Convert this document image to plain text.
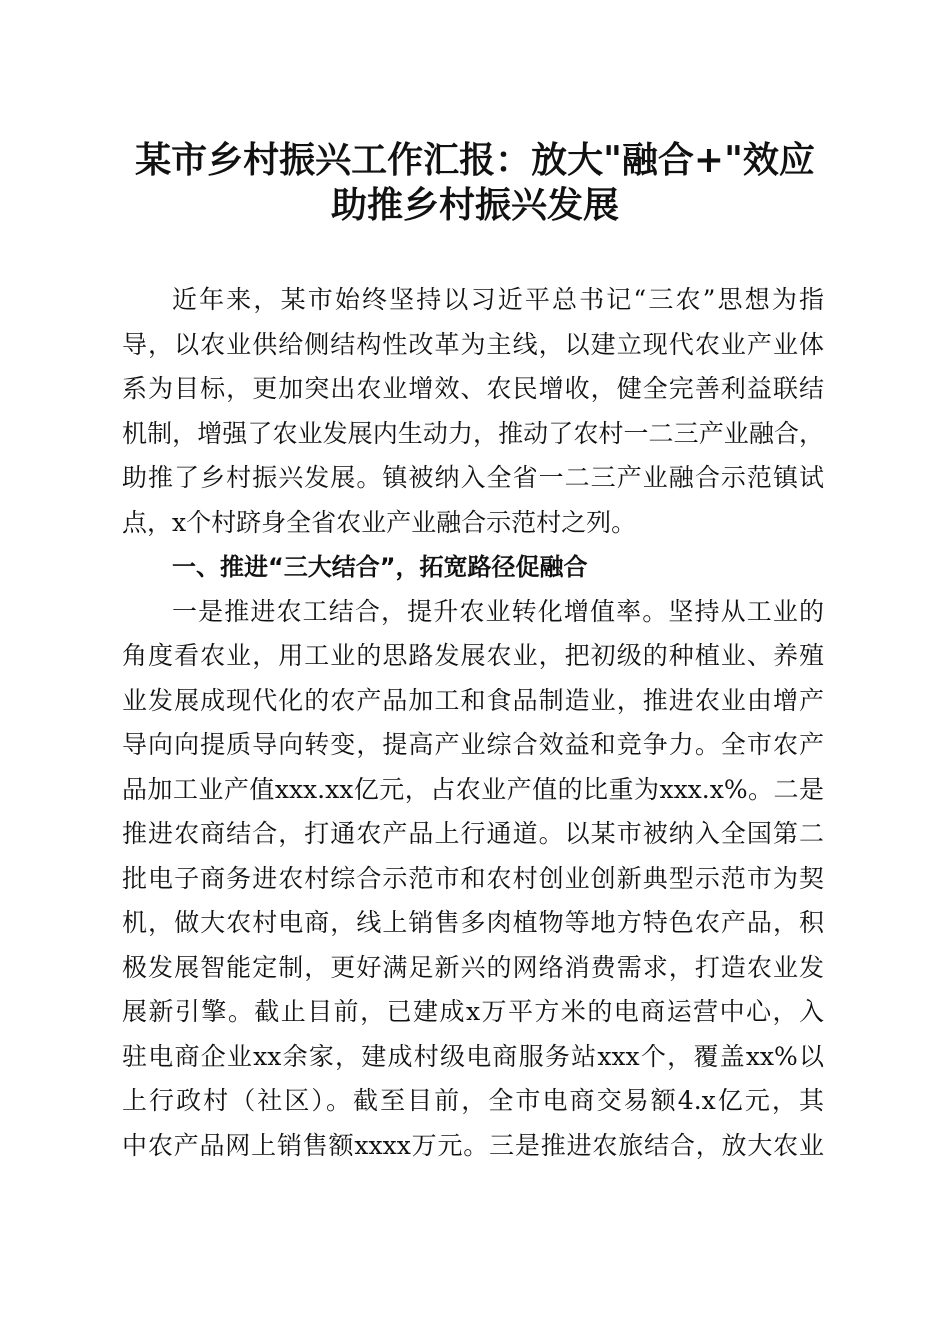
某市乡村振兴工作汇报：放大"融合+"效应
助推乡村振兴发展
近年来，某市始终坚持以习近平总书记“三农”思想为指
导，以农业供给侧结构性改革为主线，以建立现代农业产业体
系为目标，更加突出农业增效、农民增收，健全完善利益联结
机制，增强了农业发展内生动力，推动了农村一二三产业融合，
助推了乡村振兴发展。镇被纳入全省一二三产业融合示范镇试
点，x个村跻身全省农业产业融合示范村之列。
一、推进“三大结合”，拓宽路径促融合
一是推进农工结合，提升农业转化增值率。坚持从工业的
角度看农业，用工业的思路发展农业，把初级的种植业、养殖
业发展成现代化的农产品加工和食品制造业，推进农业由增产
导向向提质导向转变，提高产业综合效益和竞争力。全市农产
品加工业产值xxx.xx亿元，占农业产值的比重为xxx.x%。二是
推进农商结合，打通农产品上行通道。以某市被纳入全国第二
批电子商务进农村综合示范市和农村创业创新典型示范市为契
机，做大农村电商，线上销售多肉植物等地方特色农产品，积
极发展智能定制，更好满足新兴的网络消费需求，打造农业发
展新引擎。截止目前，已建成x万平方米的电商运营中心，入
驻电商企业xx余家，建成村级电商服务站xxx个，覆盖xx%以
上行政村（社区）。截至目前，全市电商交易额4.x亿元，其
中农产品网上销售额xxxx万元。三是推进农旅结合，放大农业
